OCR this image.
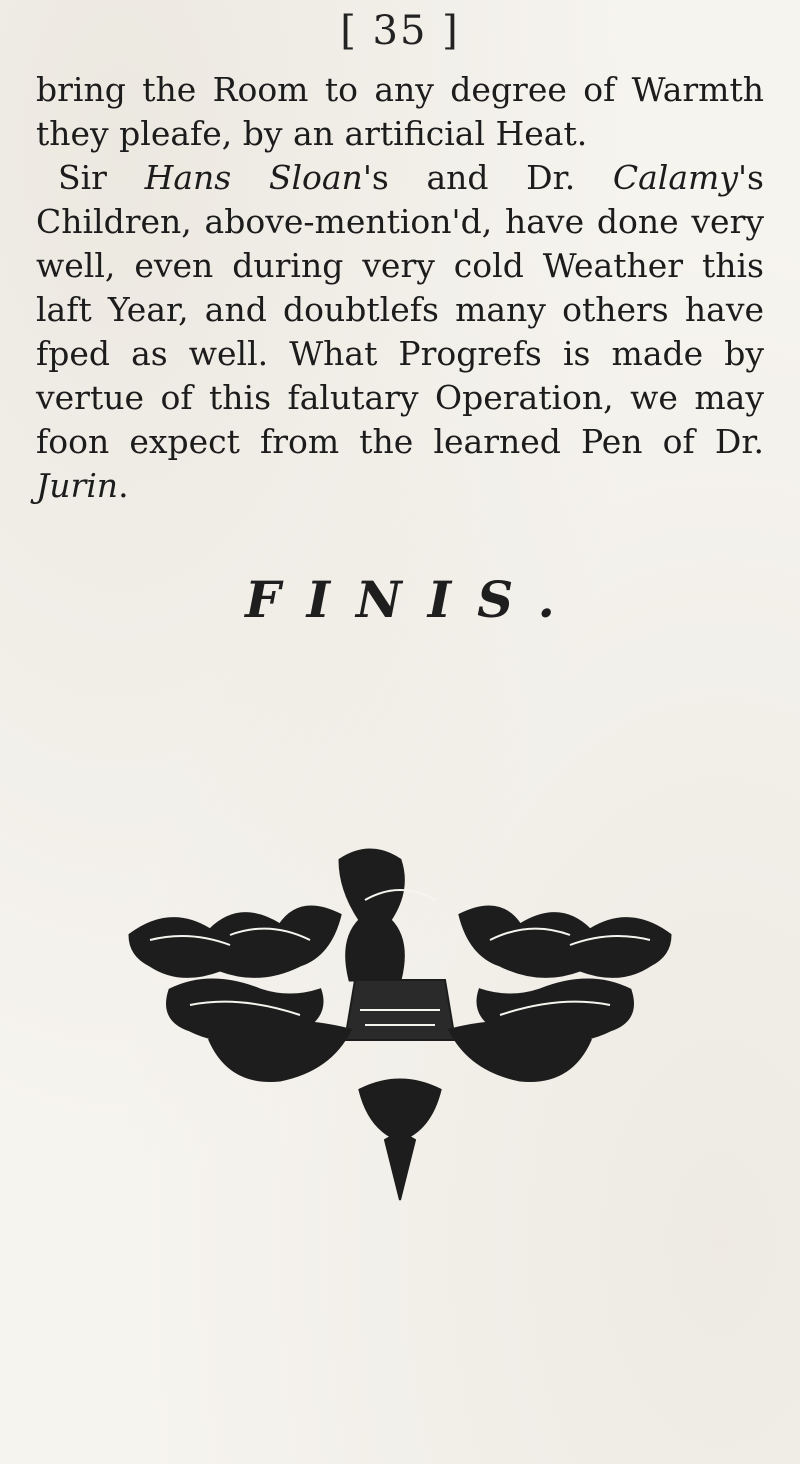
[ 35 ]

bring the Room to any degree of Warmth they pleafe, by an artificial Heat.

Sir Hans Sloan's and Dr. Calamy's Children, above-mention'd, have done very well, even during very cold Weather this laft Year, and doubtlefs many others have fped as well. What Progrefs is made by vertue of this falutary Operation, we may foon expect from the learned Pen of Dr. Jurin.

FINIS.
